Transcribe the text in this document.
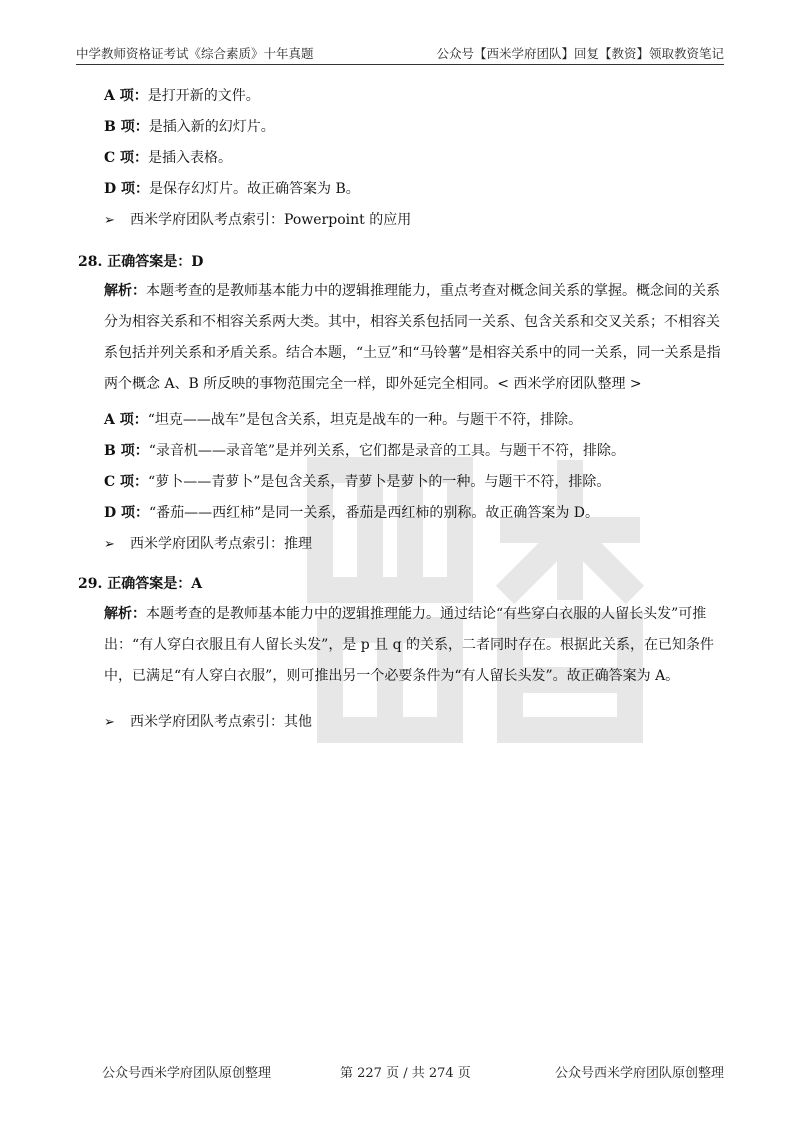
中学教师资格证考试《综合素质》十年真题	公众号【西米学府团队】回复【教资】领取教资笔记
A 项：是打开新的文件。
B 项：是插入新的幻灯片。
C 项：是插入表格。
D 项：是保存幻灯片。故正确答案为 B。
➢ 西米学府团队考点索引：Powerpoint 的应用
28. 正确答案是：D
解析：本题考查的是教师基本能力中的逻辑推理能力，重点考查对概念间关系的掌握。概念间的关系分为相容关系和不相容关系两大类。其中，相容关系包括同一关系、包含关系和交叉关系；不相容关系包括并列关系和矛盾关系。结合本题，“土豆”和“马铃薯”是相容关系中的同一关系，同一关系是指两个概念 A、B 所反映的事物范围完全一样，即外延完全相同。< 西米学府团队整理 >
A 项：“坦克——战车”是包含关系，坦克是战车的一种。与题干不符，排除。
B 项：“录音机——录音笔”是并列关系，它们都是录音的工具。与题干不符，排除。
C 项：“萝卜——青萝卜”是包含关系，青萝卜是萝卜的一种。与题干不符，排除。
D 项：“番茄——西红柿”是同一关系，番茄是西红柿的别称。故正确答案为 D。
➢ 西米学府团队考点索引：推理
29. 正确答案是：A
解析：本题考查的是教师基本能力中的逻辑推理能力。通过结论“有些穿白衣服的人留长头发”可推出：“有人穿白衣服且有人留长头发”，是 p 且 q 的关系，二者同时存在。根据此关系，在已知条件中，已满足“有人穿白衣服”，则可推出另一个必要条件为“有人留长头发”。故正确答案为 A。
➢ 西米学府团队考点索引：其他
公众号西米学府团队原创整理	第 227 页 / 共 274 页	公众号西米学府团队原创整理
